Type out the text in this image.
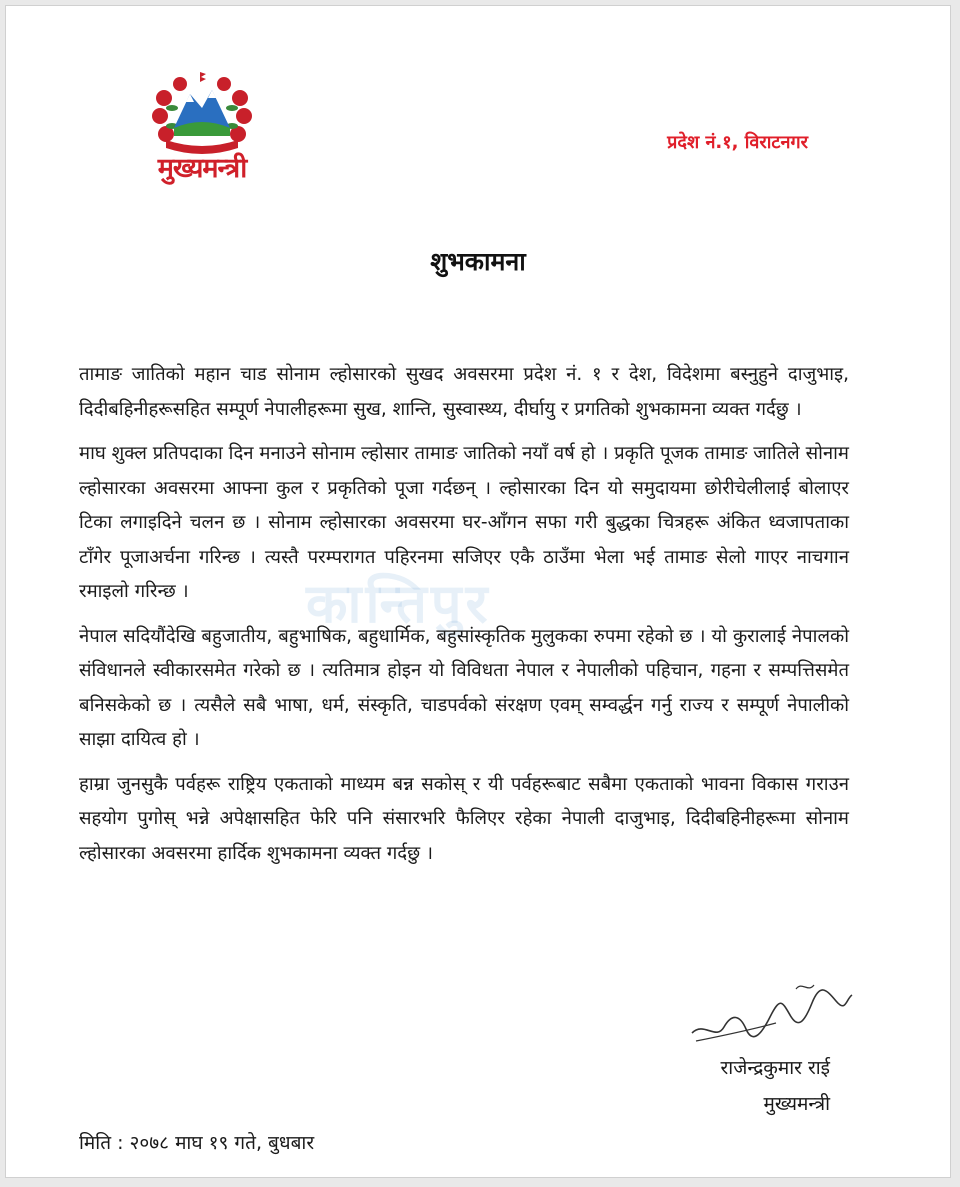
मुख्यमन्त्री
प्रदेश नं.१, विराटनगर
शुभकामना
कान्तिपुर

तामाङ जातिको महान चाड सोनाम ल्होसारको सुखद अवसरमा प्रदेश नं. १ र देश, विदेशमा बस्नुहुने दाजुभाइ, दिदीबहिनीहरूसहित सम्पूर्ण नेपालीहरूमा सुख, शान्ति, सुस्वास्थ्य, दीर्घायु र प्रगतिको शुभकामना व्यक्त गर्दछु ।

माघ शुक्ल प्रतिपदाका दिन मनाउने सोनाम ल्होसार तामाङ जातिको नयाँ वर्ष हो । प्रकृति पूजक तामाङ जातिले सोनाम ल्होसारका अवसरमा आफ्ना कुल र प्रकृतिको पूजा गर्दछन् । ल्होसारका दिन यो समुदायमा छोरीचेलीलाई बोलाएर टिका लगाइदिने चलन छ । सोनाम ल्होसारका अवसरमा घर-आँगन सफा गरी बुद्धका चित्रहरू अंकित ध्वजापताका टाँगेर पूजाअर्चना गरिन्छ । त्यस्तै परम्परागत पहिरनमा सजिएर एकै ठाउँमा भेला भई तामाङ सेलो गाएर नाचगान रमाइलो गरिन्छ ।

नेपाल सदियौंदेखि बहुजातीय, बहुभाषिक, बहुधार्मिक, बहुसांस्कृतिक मुलुकका रुपमा रहेको छ । यो कुरालाई नेपालको संविधानले स्वीकारसमेत गरेको छ । त्यतिमात्र होइन यो विविधता नेपाल र नेपालीको पहिचान, गहना र सम्पत्तिसमेत बनिसकेको छ । त्यसैले सबै भाषा, धर्म, संस्कृति, चाडपर्वको संरक्षण एवम् सम्वर्द्धन गर्नु राज्य र सम्पूर्ण नेपालीको साझा दायित्व हो ।

हाम्रा जुनसुकै पर्वहरू राष्ट्रिय एकताको माध्यम बन्न सकोस् र यी पर्वहरूबाट सबैमा एकताको भावना विकास गराउन सहयोग पुगोस् भन्ने अपेक्षासहित फेरि पनि संसारभरि फैलिएर रहेका नेपाली दाजुभाइ, दिदीबहिनीहरूमा सोनाम ल्होसारका अवसरमा हार्दिक शुभकामना व्यक्त गर्दछु ।

राजेन्द्रकुमार राई
मुख्यमन्त्री
मिति : २०७८ माघ १९ गते, बुधबार
